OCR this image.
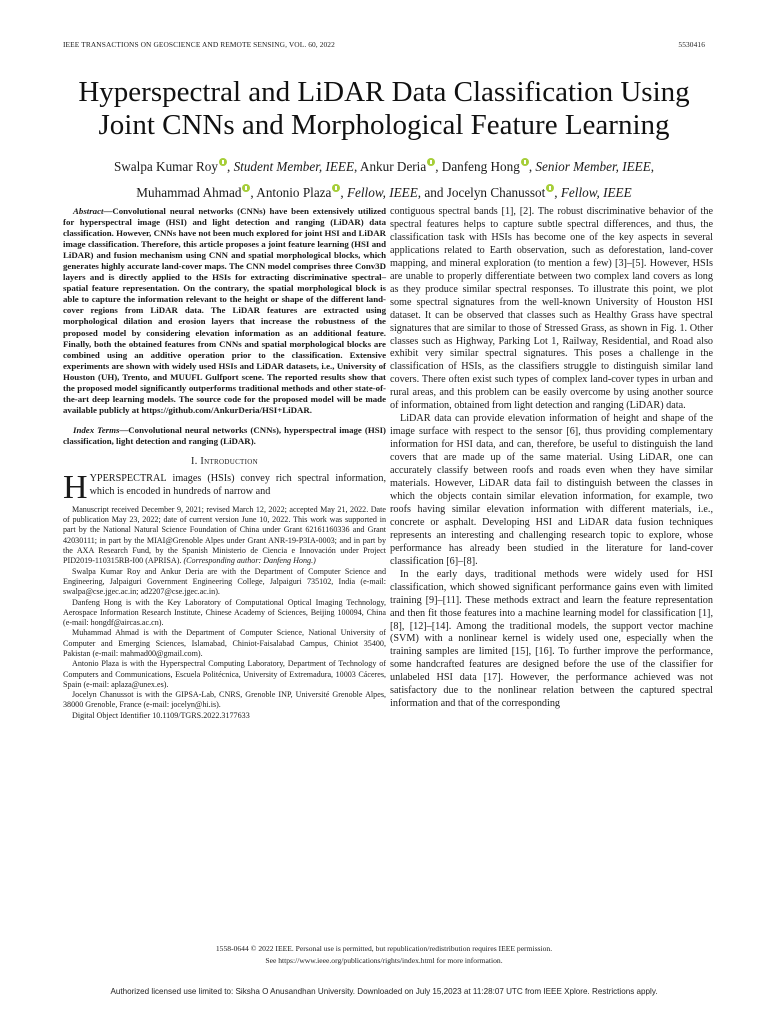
IEEE TRANSACTIONS ON GEOSCIENCE AND REMOTE SENSING, VOL. 60, 2022	5530416
Hyperspectral and LiDAR Data Classification Using
Joint CNNs and Morphological Feature Learning
Swalpa Kumar Roy , Student Member, IEEE, Ankur Deria , Danfeng Hong , Senior Member, IEEE,
Muhammad Ahmad , Antonio Plaza , Fellow, IEEE, and Jocelyn Chanussot , Fellow, IEEE

Abstract—Convolutional neural networks (CNNs) have been extensively utilized for hyperspectral image (HSI) and light detection and ranging (LiDAR) data classification. However, CNNs have not been much explored for joint HSI and LiDAR image classification. Therefore, this article proposes a joint feature learning (HSI and LiDAR) and fusion mechanism using CNN and spatial morphological blocks, which generates highly accurate land-cover maps. The CNN model comprises three Conv3D layers and is directly applied to the HSIs for extracting discriminative spectral–spatial feature representation. On the contrary, the spatial morphological block is able to capture the information relevant to the height or shape of the different land-cover regions from LiDAR data. The LiDAR features are extracted using morphological dilation and erosion layers that increase the robustness of the proposed model by considering elevation information as an additional feature. Finally, both the obtained features from CNNs and spatial morphological blocks are combined using an additive operation prior to the classification. Extensive experiments are shown with widely used HSIs and LiDAR datasets, i.e., University of Houston (UH), Trento, and MUUFL Gulfport scene. The reported results show that the proposed model significantly outperforms traditional methods and other state-of-the-art deep learning models. The source code for the proposed model will be made available publicly at https://github.com/AnkurDeria/HSI+LiDAR.

Index Terms—Convolutional neural networks (CNNs), hyperspectral image (HSI) classification, light detection and ranging (LiDAR).

I. Introduction

HYPERSPECTRAL images (HSIs) convey rich spectral information, which is encoded in hundreds of narrow and

Manuscript received December 9, 2021; revised March 12, 2022; accepted May 21, 2022. Date of publication May 23, 2022; date of current version June 10, 2022. This work was supported in part by the National Natural Science Foundation of China under Grant 62161160336 and Grant 42030111; in part by the MIAI@Grenoble Alpes under Grant ANR-19-P3IA-0003; and in part by the AXA Research Fund, by the Spanish Ministerio de Ciencia e Innovación under Project PID2019-110315RB-I00 (APRISA). (Corresponding author: Danfeng Hong.)

Swalpa Kumar Roy and Ankur Deria are with the Department of Computer Science and Engineering, Jalpaiguri Government Engineering College, Jalpaiguri 735102, India (e-mail: swalpa@cse.jgec.ac.in; ad2207@cse.jgec.ac.in).

Danfeng Hong is with the Key Laboratory of Computational Optical Imaging Technology, Aerospace Information Research Institute, Chinese Academy of Sciences, Beijing 100094, China (e-mail: hongdf@aircas.ac.cn).

Muhammad Ahmad is with the Department of Computer Science, National University of Computer and Emerging Sciences, Islamabad, Chiniot-Faisalabad Campus, Chiniot 35400, Pakistan (e-mail: mahmad00@gmail.com).

Antonio Plaza is with the Hyperspectral Computing Laboratory, Department of Technology of Computers and Communications, Escuela Politécnica, University of Extremadura, 10003 Cáceres, Spain (e-mail: aplaza@unex.es).

Jocelyn Chanussot is with the GIPSA-Lab, CNRS, Grenoble INP, Université Grenoble Alpes, 38000 Grenoble, France (e-mail: jocelyn@hi.is).

Digital Object Identifier 10.1109/TGRS.2022.3177633

contiguous spectral bands [1], [2]. The robust discriminative behavior of the spectral features helps to capture subtle spectral differences, and thus, the classification task with HSIs has become one of the key aspects in several applications related to Earth observation, such as deforestation, land-cover mapping, and mineral exploration (to mention a few) [3]–[5]. However, HSIs are unable to properly differentiate between two complex land covers as long as they produce similar spectral responses. To illustrate this point, we plot some spectral signatures from the well-known University of Houston HSI dataset. It can be observed that classes such as Healthy Grass have spectral signatures that are similar to those of Stressed Grass, as shown in Fig. 1. Other classes such as Highway, Parking Lot 1, Railway, Residential, and Road also exhibit very similar spectral signatures. This poses a challenge in the classification of HSIs, as the classifiers struggle to distinguish similar land covers. There often exist such types of complex land-cover types in urban and rural areas, and this problem can be easily overcome by using another source of information, obtained from light detection and ranging (LiDAR) data.

LiDAR data can provide elevation information of height and shape of the image surface with respect to the sensor [6], thus providing complementary information for HSI data, and can, therefore, be useful to distinguish the land covers that are made up of the same material. Using LiDAR, one can accurately classify between roofs and roads even when they have similar materials. However, LiDAR data fail to distinguish between the classes in which the objects contain similar elevation information, for example, two roofs having similar elevation information with different materials, i.e., concrete or asphalt. Developing HSI and LiDAR data fusion techniques represents an interesting and challenging research topic to explore, whose performance has already been studied in the literature for land-cover classification [6]–[8].

In the early days, traditional methods were widely used for HSI classification, which showed significant performance gains even with limited training [9]–[11]. These methods extract and learn the feature representation and then fit those features into a machine learning model for classification [1], [8], [12]–[14]. Among the traditional models, the support vector machine (SVM) with a nonlinear kernel is widely used one, especially when the training samples are limited [15], [16]. To further improve the performance, some handcrafted features are designed before the use of the classifier for unlabeled HSI data [17]. However, the performance achieved was not satisfactory due to the nonlinear relation between the captured spectral information and that of the corresponding

1558-0644 © 2022 IEEE. Personal use is permitted, but republication/redistribution requires IEEE permission.
See https://www.ieee.org/publications/rights/index.html for more information.
Authorized licensed use limited to: Siksha O Anusandhan University. Downloaded on July 15,2023 at 11:28:07 UTC from IEEE Xplore. Restrictions apply.
